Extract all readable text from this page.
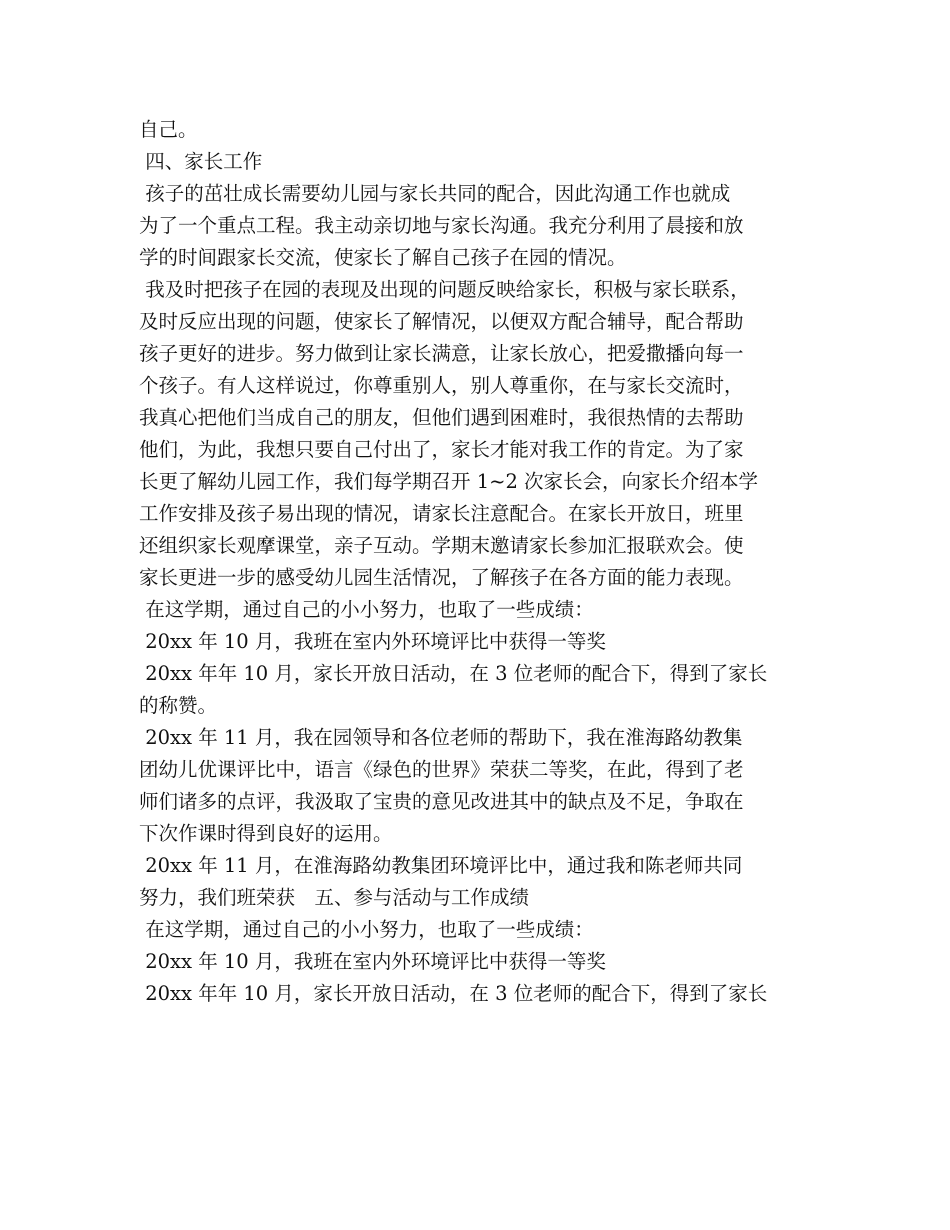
自己。
四、家长工作
孩子的茁壮成长需要幼儿园与家长共同的配合，因此沟通工作也就成
为了一个重点工程。我主动亲切地与家长沟通。我充分利用了晨接和放
学的时间跟家长交流，使家长了解自己孩子在园的情况。
我及时把孩子在园的表现及出现的问题反映给家长，积极与家长联系，
及时反应出现的问题，使家长了解情况，以便双方配合辅导，配合帮助
孩子更好的进步。努力做到让家长满意，让家长放心，把爱撒播向每一
个孩子。有人这样说过，你尊重别人，别人尊重你，在与家长交流时，
我真心把他们当成自己的朋友，但他们遇到困难时，我很热情的去帮助
他们，为此，我想只要自己付出了，家长才能对我工作的肯定。为了家
长更了解幼儿园工作，我们每学期召开 1~2 次家长会，向家长介绍本学
工作安排及孩子易出现的情况，请家长注意配合。在家长开放日，班里
还组织家长观摩课堂，亲子互动。学期末邀请家长参加汇报联欢会。使
家长更进一步的感受幼儿园生活情况，了解孩子在各方面的能力表现。
在这学期，通过自己的小小努力，也取了一些成绩：
20xx 年 10 月，我班在室内外环境评比中获得一等奖
20xx 年年 10 月，家长开放日活动，在 3 位老师的配合下，得到了家长
的称赞。
20xx 年 11 月，我在园领导和各位老师的帮助下，我在淮海路幼教集
团幼儿优课评比中，语言《绿色的世界》荣获二等奖，在此，得到了老
师们诸多的点评，我汲取了宝贵的意见改进其中的缺点及不足，争取在
下次作课时得到良好的运用。
20xx 年 11 月，在淮海路幼教集团环境评比中，通过我和陈老师共同
努力，我们班荣获　五、参与活动与工作成绩
在这学期，通过自己的小小努力，也取了一些成绩：
20xx 年 10 月，我班在室内外环境评比中获得一等奖
20xx 年年 10 月，家长开放日活动，在 3 位老师的配合下，得到了家长
